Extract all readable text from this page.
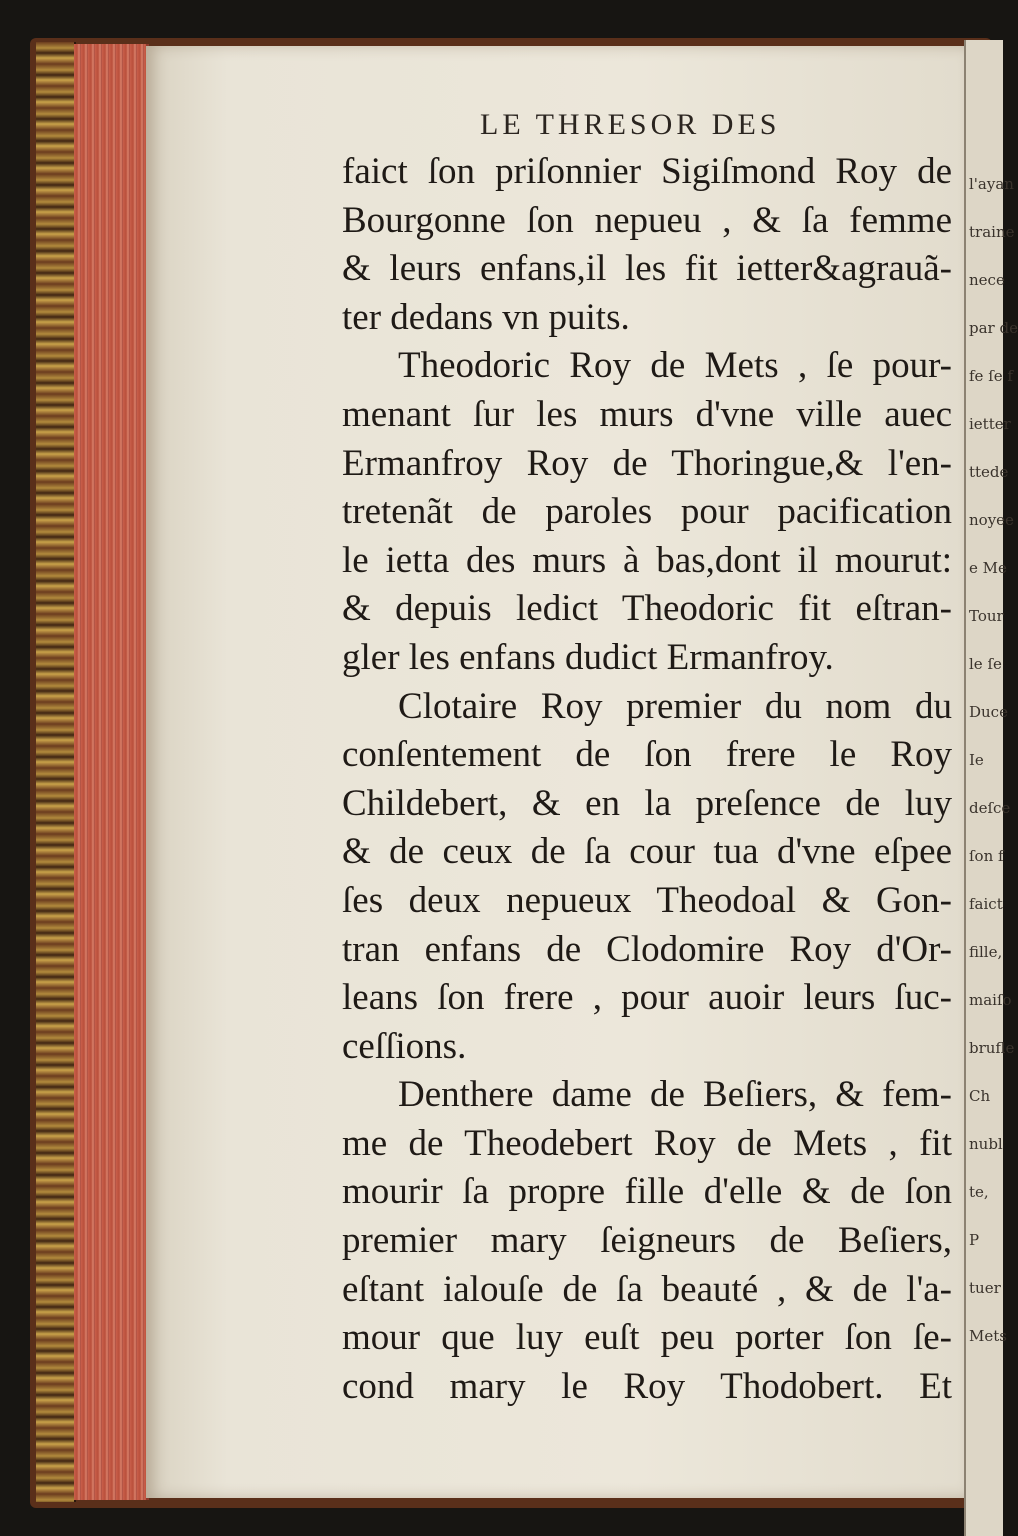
LE THRESOR DES
faict ſon priſonnier Sigiſmond Roy de
Bourgonne ſon nepueu , & ſa femme
& leurs enfans,il les fit ietter&agrauã-
ter dedans vn puits.
Theodoric Roy de Mets , ſe pour-
menant ſur les murs d'vne ville auec
Ermanfroy Roy de Thoringue,& l'en-
tretenãt de paroles pour pacification
le ietta des murs à bas,dont il mourut:
& depuis ledict Theodoric fit eſtran-
gler les enfans dudict Ermanfroy.
Clotaire Roy premier du nom du
conſentement de ſon frere le Roy
Childebert, & en la preſence de luy
& de ceux de ſa cour tua d'vne eſpee
ſes deux nepueux Theodoal & Gon-
tran enfans de Clodomire Roy d'Or-
leans ſon frere , pour auoir leurs ſuc-
ceſſions.
Denthere dame de Beſiers, & fem-
me de Theodebert Roy de Mets , fit
mourir ſa propre fille d'elle & de ſon
premier mary ſeigneurs de Beſiers,
eſtant ialouſe de ſa beauté , & de l'a-
mour que luy euſt peu porter ſon ſe-
cond mary le Roy Thodobert. Et
l'ayan
traine
nece
par de
fe ſe f
ietter
ttede
noyee
e Me
Tour
le ſe
Duce
Ie
deſce
ſon f
faict
fille,
maiſo
brufle
Ch
nubl
te,
P
tuer
Mets
